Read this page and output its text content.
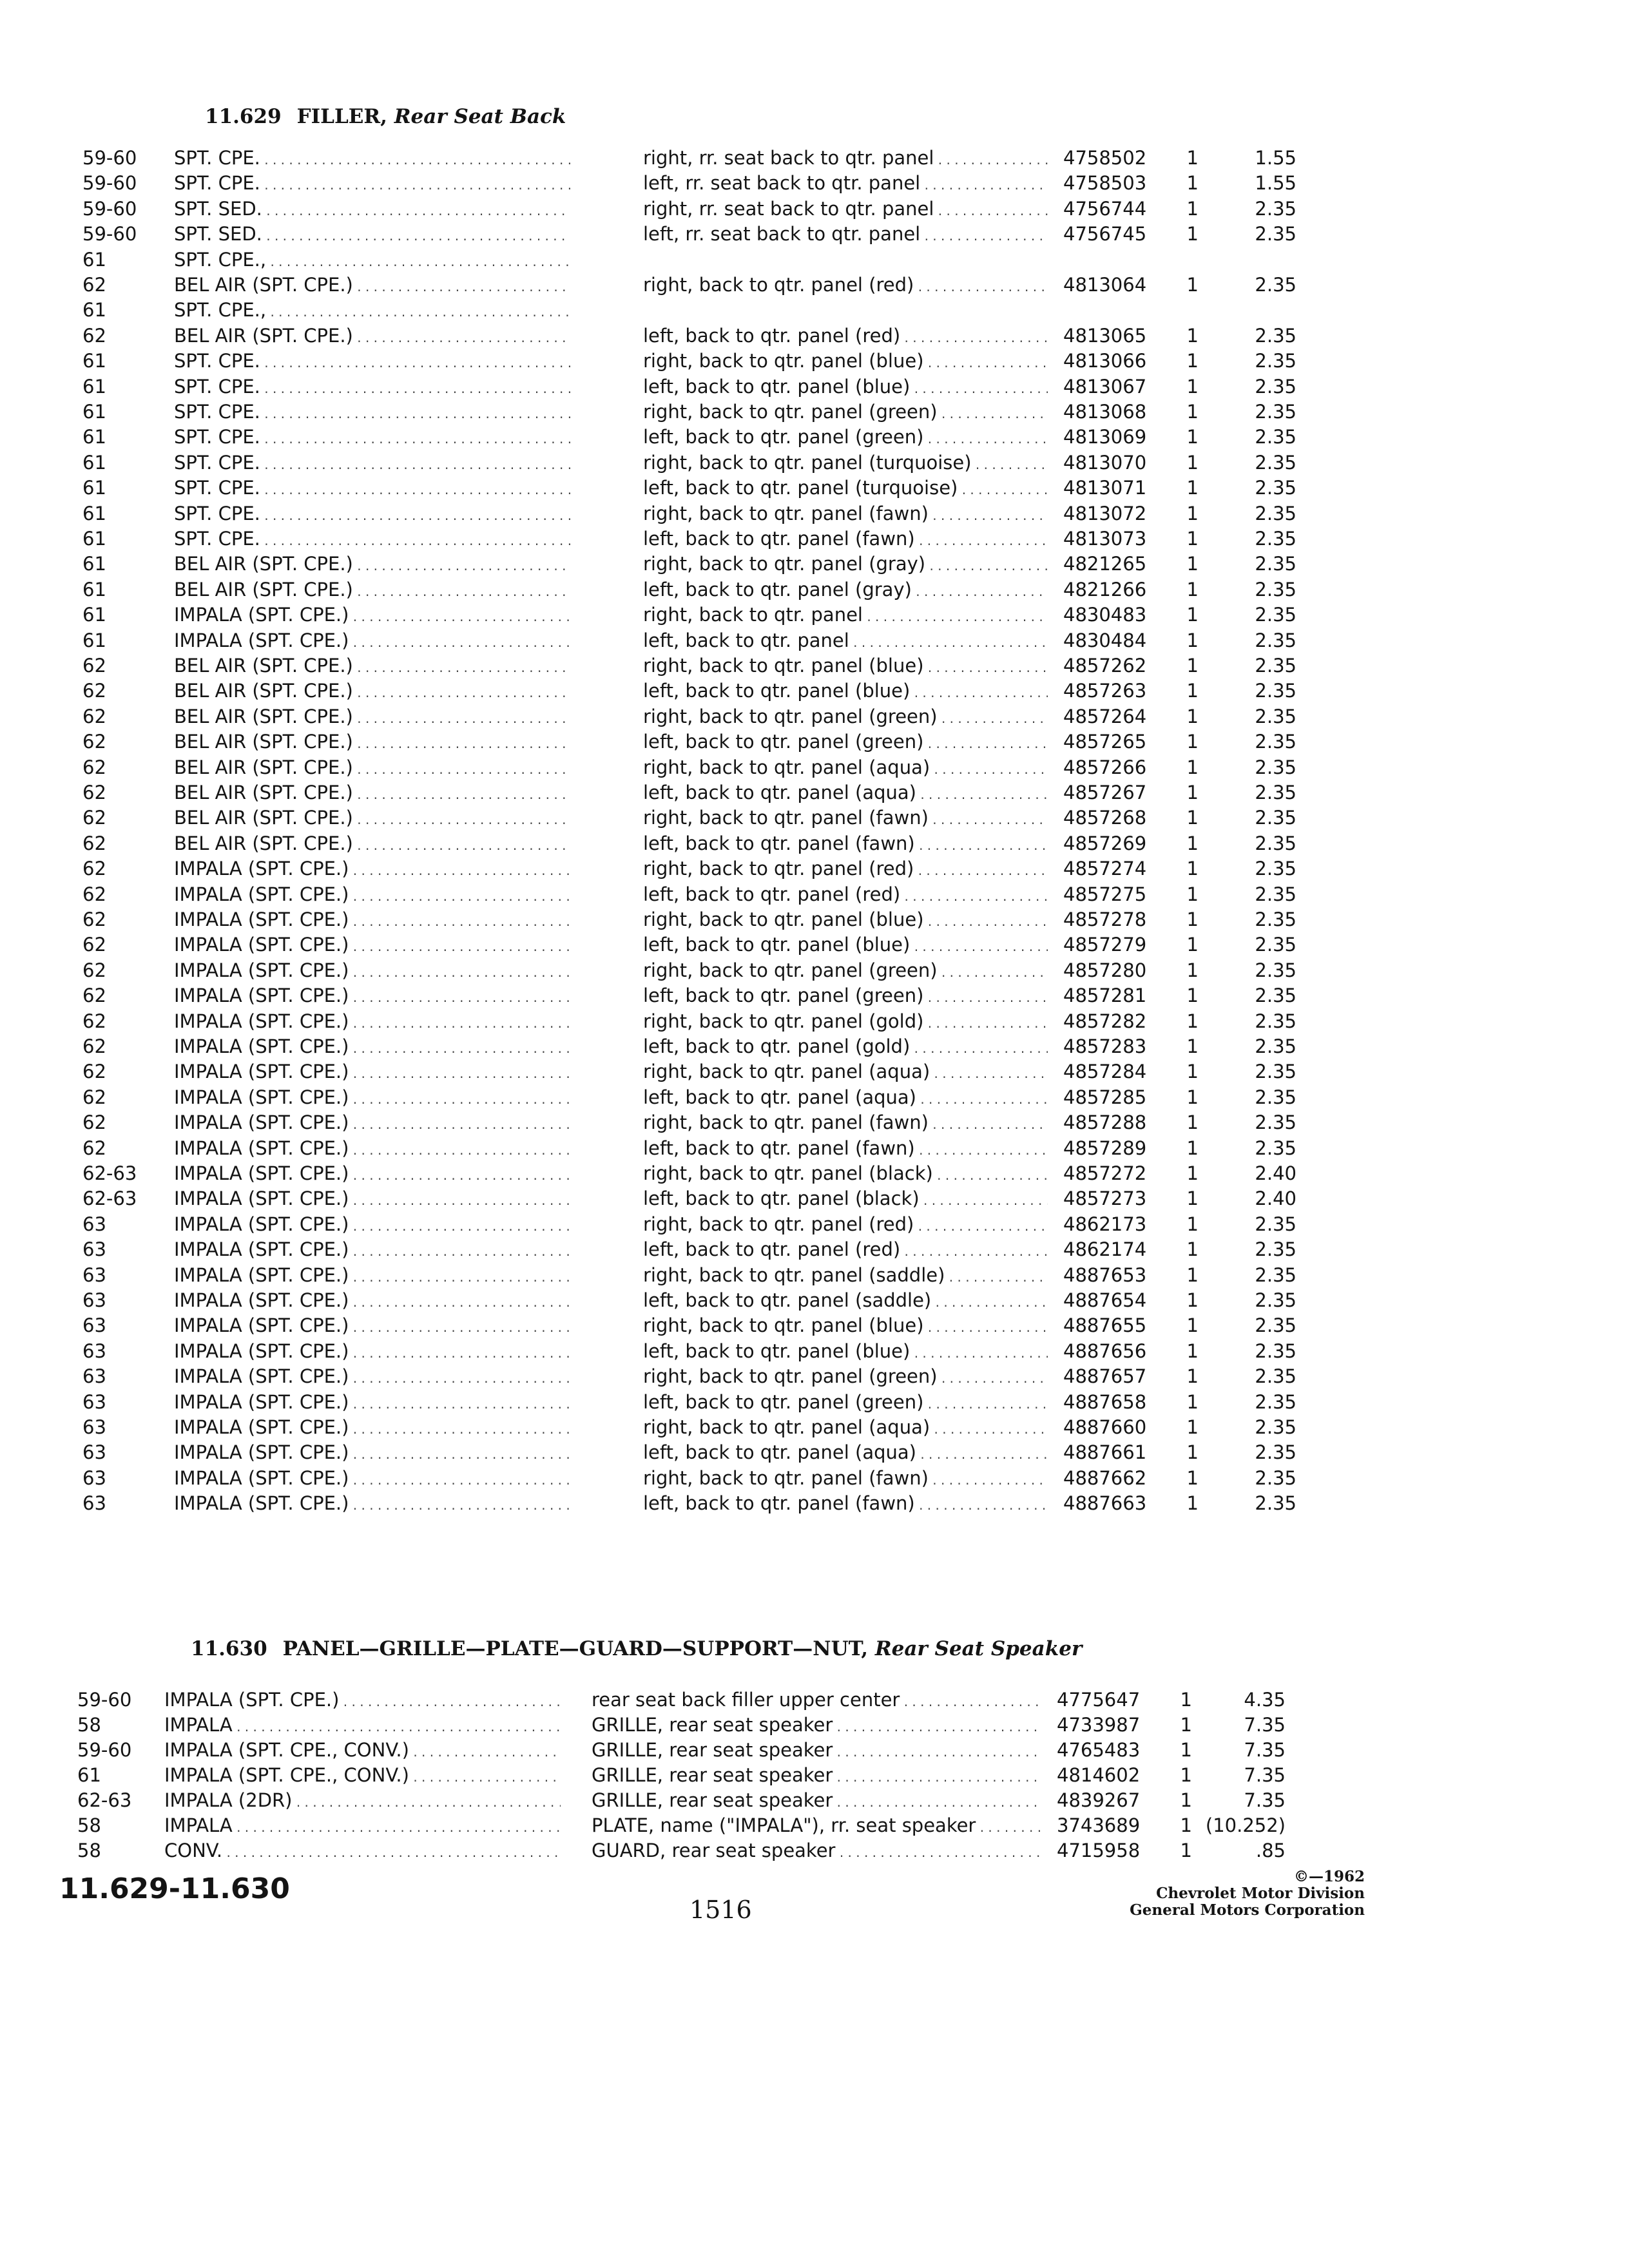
11.629 FILLER, Rear Seat Back
59-60	SPT. CPE. . . .	right, rr. seat back to qtr. panel . . .	4758502	1	1.55
59-60	SPT. CPE. . . .	left, rr. seat back to qtr. panel . . .	4758503	1	1.55
59-60	SPT. SED. . . .	right, rr. seat back to qtr. panel . . .	4756744	1	2.35
59-60	SPT. SED. . . .	left, rr. seat back to qtr. panel . . .	4756745	1	2.35
61	SPT. CPE., . . .
62	BEL AIR (SPT. CPE.) . . .	right, back to qtr. panel (red) . . .	4813064	1	2.35
61	SPT. CPE., . . .
62	BEL AIR (SPT. CPE.) . . .	left, back to qtr. panel (red) . . .	4813065	1	2.35
61	SPT. CPE. . . .	right, back to qtr. panel (blue) . . .	4813066	1	2.35
61	SPT. CPE. . . .	left, back to qtr. panel (blue) . . .	4813067	1	2.35
61	SPT. CPE. . . .	right, back to qtr. panel (green) . . .	4813068	1	2.35
61	SPT. CPE. . . .	left, back to qtr. panel (green) . . .	4813069	1	2.35
61	SPT. CPE. . . .	right, back to qtr. panel (turquoise) . . .	4813070	1	2.35
61	SPT. CPE. . . .	left, back to qtr. panel (turquoise) . . .	4813071	1	2.35
61	SPT. CPE. . . .	right, back to qtr. panel (fawn) . . .	4813072	1	2.35
61	SPT. CPE. . . .	left, back to qtr. panel (fawn) . . .	4813073	1	2.35
61	BEL AIR (SPT. CPE.) . . .	right, back to qtr. panel (gray) . . .	4821265	1	2.35
61	BEL AIR (SPT. CPE.) . . .	left, back to qtr. panel (gray) . . .	4821266	1	2.35
61	IMPALA (SPT. CPE.) . . .	right, back to qtr. panel . . .	4830483	1	2.35
61	IMPALA (SPT. CPE.) . . .	left, back to qtr. panel . . .	4830484	1	2.35
62	BEL AIR (SPT. CPE.) . . .	right, back to qtr. panel (blue) . . .	4857262	1	2.35
62	BEL AIR (SPT. CPE.) . . .	left, back to qtr. panel (blue) . . .	4857263	1	2.35
62	BEL AIR (SPT. CPE.) . . .	right, back to qtr. panel (green) . . .	4857264	1	2.35
62	BEL AIR (SPT. CPE.) . . .	left, back to qtr. panel (green) . . .	4857265	1	2.35
62	BEL AIR (SPT. CPE.) . . .	right, back to qtr. panel (aqua) . . .	4857266	1	2.35
62	BEL AIR (SPT. CPE.) . . .	left, back to qtr. panel (aqua) . . .	4857267	1	2.35
62	BEL AIR (SPT. CPE.) . . .	right, back to qtr. panel (fawn) . . .	4857268	1	2.35
62	BEL AIR (SPT. CPE.) . . .	left, back to qtr. panel (fawn) . . .	4857269	1	2.35
62	IMPALA (SPT. CPE.) . . .	right, back to qtr. panel (red) . . .	4857274	1	2.35
62	IMPALA (SPT. CPE.) . . .	left, back to qtr. panel (red) . . .	4857275	1	2.35
62	IMPALA (SPT. CPE.) . . .	right, back to qtr. panel (blue) . . .	4857278	1	2.35
62	IMPALA (SPT. CPE.) . . .	left, back to qtr. panel (blue) . . .	4857279	1	2.35
62	IMPALA (SPT. CPE.) . . .	right, back to qtr. panel (green) . . .	4857280	1	2.35
62	IMPALA (SPT. CPE.) . . .	left, back to qtr. panel (green) . . .	4857281	1	2.35
62	IMPALA (SPT. CPE.) . . .	right, back to qtr. panel (gold) . . .	4857282	1	2.35
62	IMPALA (SPT. CPE.) . . .	left, back to qtr. panel (gold) . . .	4857283	1	2.35
62	IMPALA (SPT. CPE.) . . .	right, back to qtr. panel (aqua) . . .	4857284	1	2.35
62	IMPALA (SPT. CPE.) . . .	left, back to qtr. panel (aqua) . . .	4857285	1	2.35
62	IMPALA (SPT. CPE.) . . .	right, back to qtr. panel (fawn) . . .	4857288	1	2.35
62	IMPALA (SPT. CPE.) . . .	left, back to qtr. panel (fawn) . . .	4857289	1	2.35
62-63	IMPALA (SPT. CPE.) . . .	right, back to qtr. panel (black) . . .	4857272	1	2.40
62-63	IMPALA (SPT. CPE.) . . .	left, back to qtr. panel (black) . . .	4857273	1	2.40
63	IMPALA (SPT. CPE.) . . .	right, back to qtr. panel (red) . . .	4862173	1	2.35
63	IMPALA (SPT. CPE.) . . .	left, back to qtr. panel (red) . . .	4862174	1	2.35
63	IMPALA (SPT. CPE.) . . .	right, back to qtr. panel (saddle) . . .	4887653	1	2.35
63	IMPALA (SPT. CPE.) . . .	left, back to qtr. panel (saddle) . . .	4887654	1	2.35
63	IMPALA (SPT. CPE.) . . .	right, back to qtr. panel (blue) . . .	4887655	1	2.35
63	IMPALA (SPT. CPE.) . . .	left, back to qtr. panel (blue) . . .	4887656	1	2.35
63	IMPALA (SPT. CPE.) . . .	right, back to qtr. panel (green) . . .	4887657	1	2.35
63	IMPALA (SPT. CPE.) . . .	left, back to qtr. panel (green) . . .	4887658	1	2.35
63	IMPALA (SPT. CPE.) . . .	right, back to qtr. panel (aqua) . . .	4887660	1	2.35
63	IMPALA (SPT. CPE.) . . .	left, back to qtr. panel (aqua) . . .	4887661	1	2.35
63	IMPALA (SPT. CPE.) . . .	right, back to qtr. panel (fawn) . . .	4887662	1	2.35
63	IMPALA (SPT. CPE.) . . .	left, back to qtr. panel (fawn) . . .	4887663	1	2.35
11.630 PANEL—GRILLE—PLATE—GUARD—SUPPORT—NUT, Rear Seat Speaker
59-60	IMPALA (SPT. CPE.) . . .	rear seat back filler upper center . . .	4775647	1	4.35
58	IMPALA . . .	GRILLE, rear seat speaker . . .	4733987	1	7.35
59-60	IMPALA (SPT. CPE., CONV.) . . .	GRILLE, rear seat speaker . . .	4765483	1	7.35
61	IMPALA (SPT. CPE., CONV.) . . .	GRILLE, rear seat speaker . . .	4814602	1	7.35
62-63	IMPALA (2DR) . . .	GRILLE, rear seat speaker . . .	4839267	1	7.35
58	IMPALA . . .	PLATE, name ("IMPALA"), rr. seat speaker . . .	3743689	1 (10.252)
58	CONV. . . .	GUARD, rear seat speaker . . .	4715958	1	.85
11.629-11.630
1516
©—1962
Chevrolet Motor Division
General Motors Corporation
